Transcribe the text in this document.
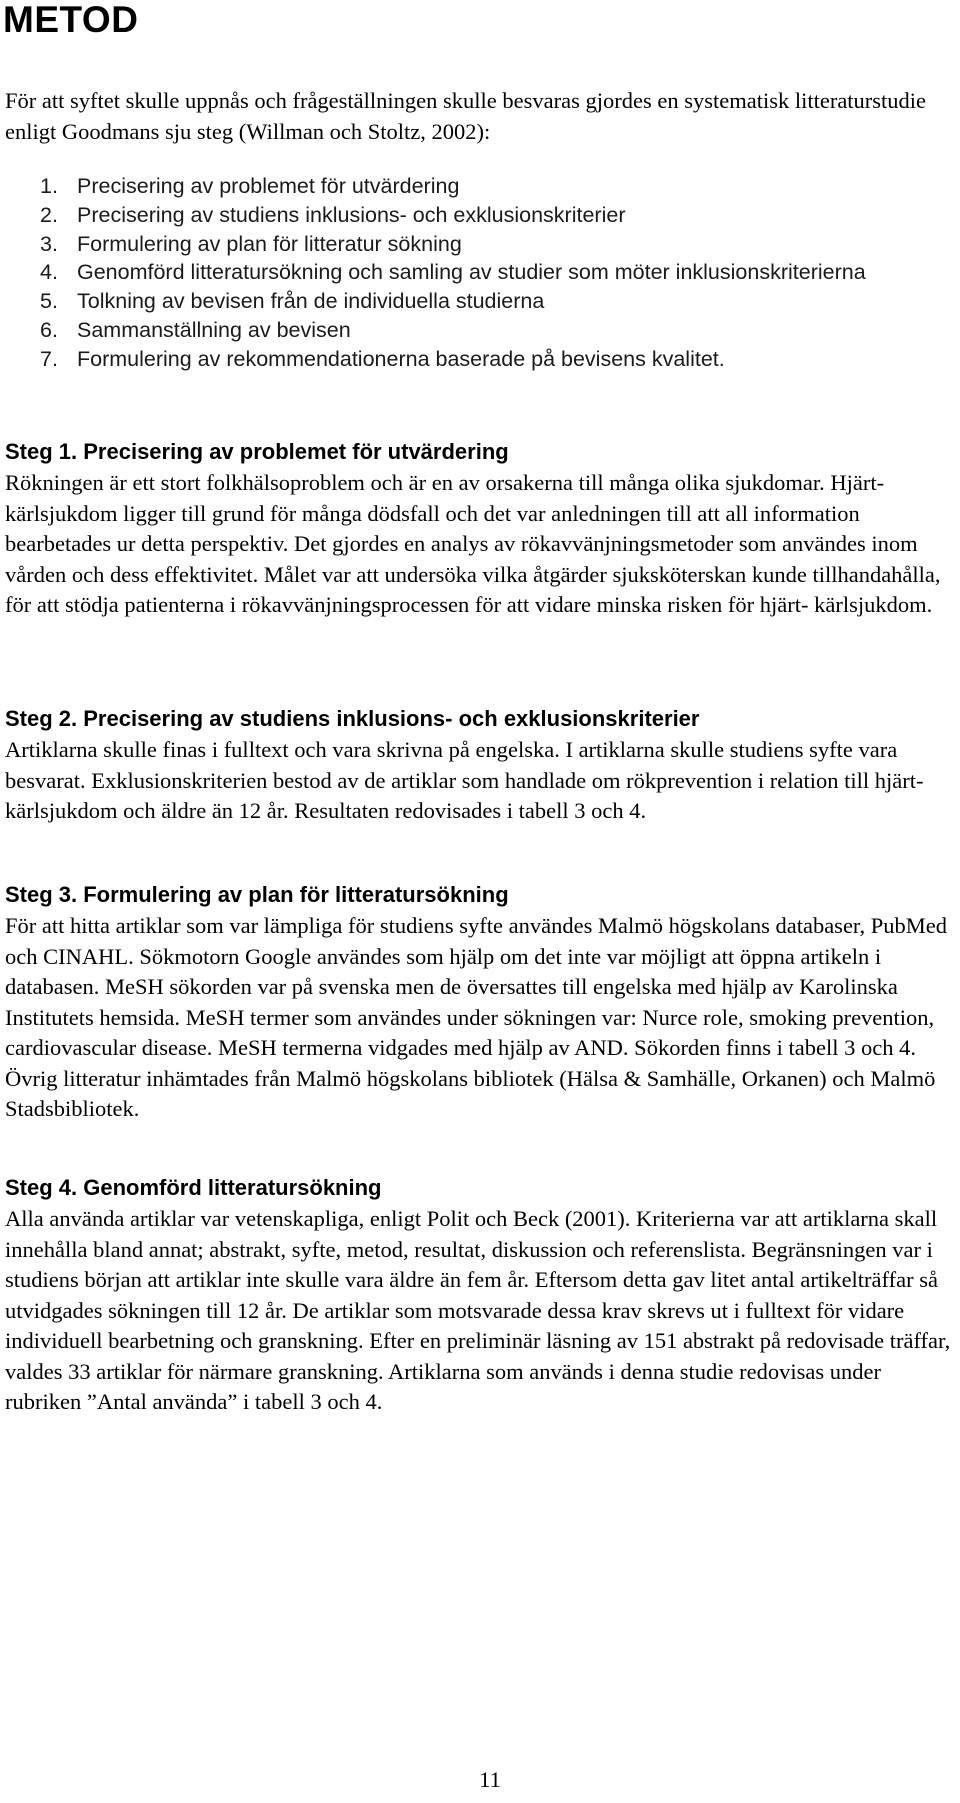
METOD

För att syftet skulle uppnås och frågeställningen skulle besvaras gjordes en systematisk litteraturstudie enligt Goodmans sju steg (Willman och Stoltz, 2002):

1. Precisering av problemet för utvärdering
2. Precisering av studiens inklusions- och exklusionskriterier
3. Formulering av plan för litteratur sökning
4. Genomförd litteratursökning och samling av studier som möter inklusionskriterierna
5. Tolkning av bevisen från de individuella studierna
6. Sammanställning av bevisen
7. Formulering av rekommendationerna baserade på bevisens kvalitet.
Steg 1. Precisering av problemet för utvärdering

Rökningen är ett stort folkhälsoproblem och är en av orsakerna till många olika sjukdomar. Hjärt- kärlsjukdom ligger till grund för många dödsfall och det var anledningen till att all information bearbetades ur detta perspektiv. Det gjordes en analys av rökavvänjningsmetoder som användes inom vården och dess effektivitet. Målet var att undersöka vilka åtgärder sjuksköterskan kunde tillhandahålla, för att stödja patienterna i rökavvänjningsprocessen för att vidare minska risken för hjärt- kärlsjukdom.

Steg 2. Precisering av studiens inklusions- och exklusionskriterier

Artiklarna skulle finas i fulltext och vara skrivna på engelska. I artiklarna skulle studiens syfte vara besvarat. Exklusionskriterien bestod av de artiklar som handlade om rökprevention i relation till hjärt- kärlsjukdom och äldre än 12 år. Resultaten redovisades i tabell 3 och 4.

Steg 3. Formulering av plan för litteratursökning

För att hitta artiklar som var lämpliga för studiens syfte användes Malmö högskolans databaser, PubMed och CINAHL. Sökmotorn Google användes som hjälp om det inte var möjligt att öppna artikeln i databasen. MeSH sökorden var på svenska men de översattes till engelska med hjälp av Karolinska Institutets hemsida. MeSH termer som användes under sökningen var: Nurce role, smoking prevention, cardiovascular disease. MeSH termerna vidgades med hjälp av AND. Sökorden finns i tabell 3 och 4. Övrig litteratur inhämtades från Malmö högskolans bibliotek (Hälsa & Samhälle, Orkanen) och Malmö Stadsbibliotek.

Steg 4. Genomförd litteratursökning

Alla använda artiklar var vetenskapliga, enligt Polit och Beck (2001). Kriterierna var att artiklarna skall innehålla bland annat; abstrakt, syfte, metod, resultat, diskussion och referenslista. Begränsningen var i studiens början att artiklar inte skulle vara äldre än fem år. Eftersom detta gav litet antal artikelträffar så utvidgades sökningen till 12 år. De artiklar som motsvarade dessa krav skrevs ut i fulltext för vidare individuell bearbetning och granskning. Efter en preliminär läsning av 151 abstrakt på redovisade träffar, valdes 33 artiklar för närmare granskning. Artiklarna som används i denna studie redovisas under rubriken ”Antal använda” i tabell 3 och 4.

11
